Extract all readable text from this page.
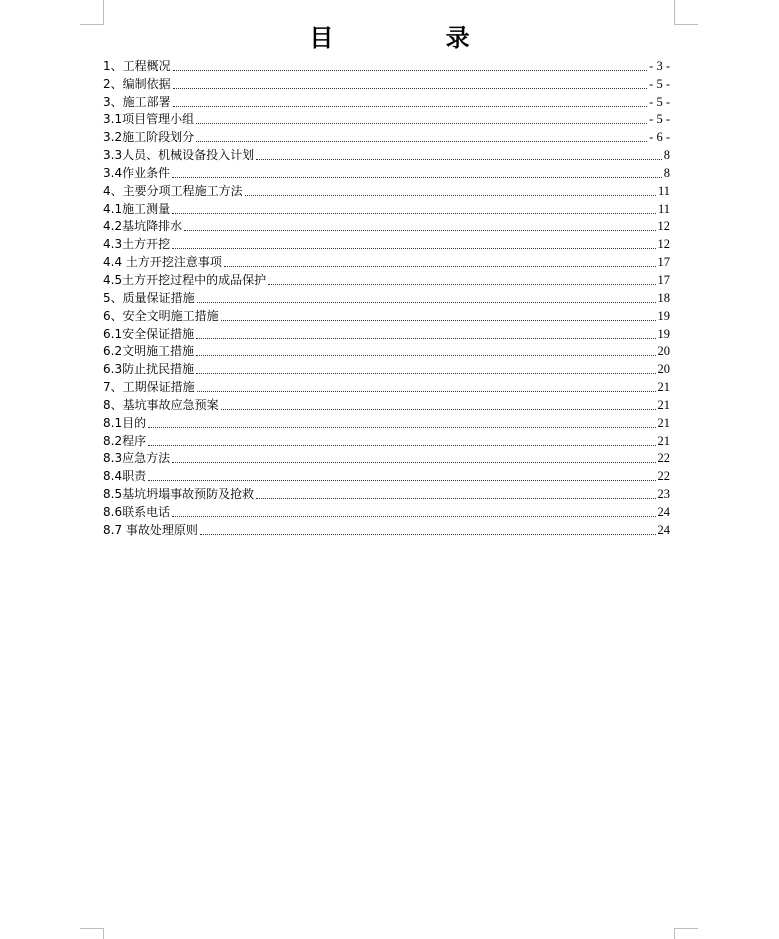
目 录
1、工程概况	- 3 -
2、编制依据	- 5 -
3、施工部署	- 5 -
3.1项目管理小组	- 5 -
3.2施工阶段划分	- 6 -
3.3人员、机械设备投入计划	8
3.4作业条件	8
4、主要分项工程施工方法	11
4.1施工测量	11
4.2基坑降排水	12
4.3土方开挖	12
4.4 土方开挖注意事项	17
4.5土方开挖过程中的成品保护	17
5、质量保证措施	18
6、安全文明施工措施	19
6.1安全保证措施	19
6.2文明施工措施	20
6.3防止扰民措施	20
7、工期保证措施	21
8、基坑事故应急预案	21
8.1目的	21
8.2程序	21
8.3应急方法	22
8.4职责	22
8.5基坑坍塌事故预防及抢救	23
8.6联系电话	24
8.7 事故处理原则	24
